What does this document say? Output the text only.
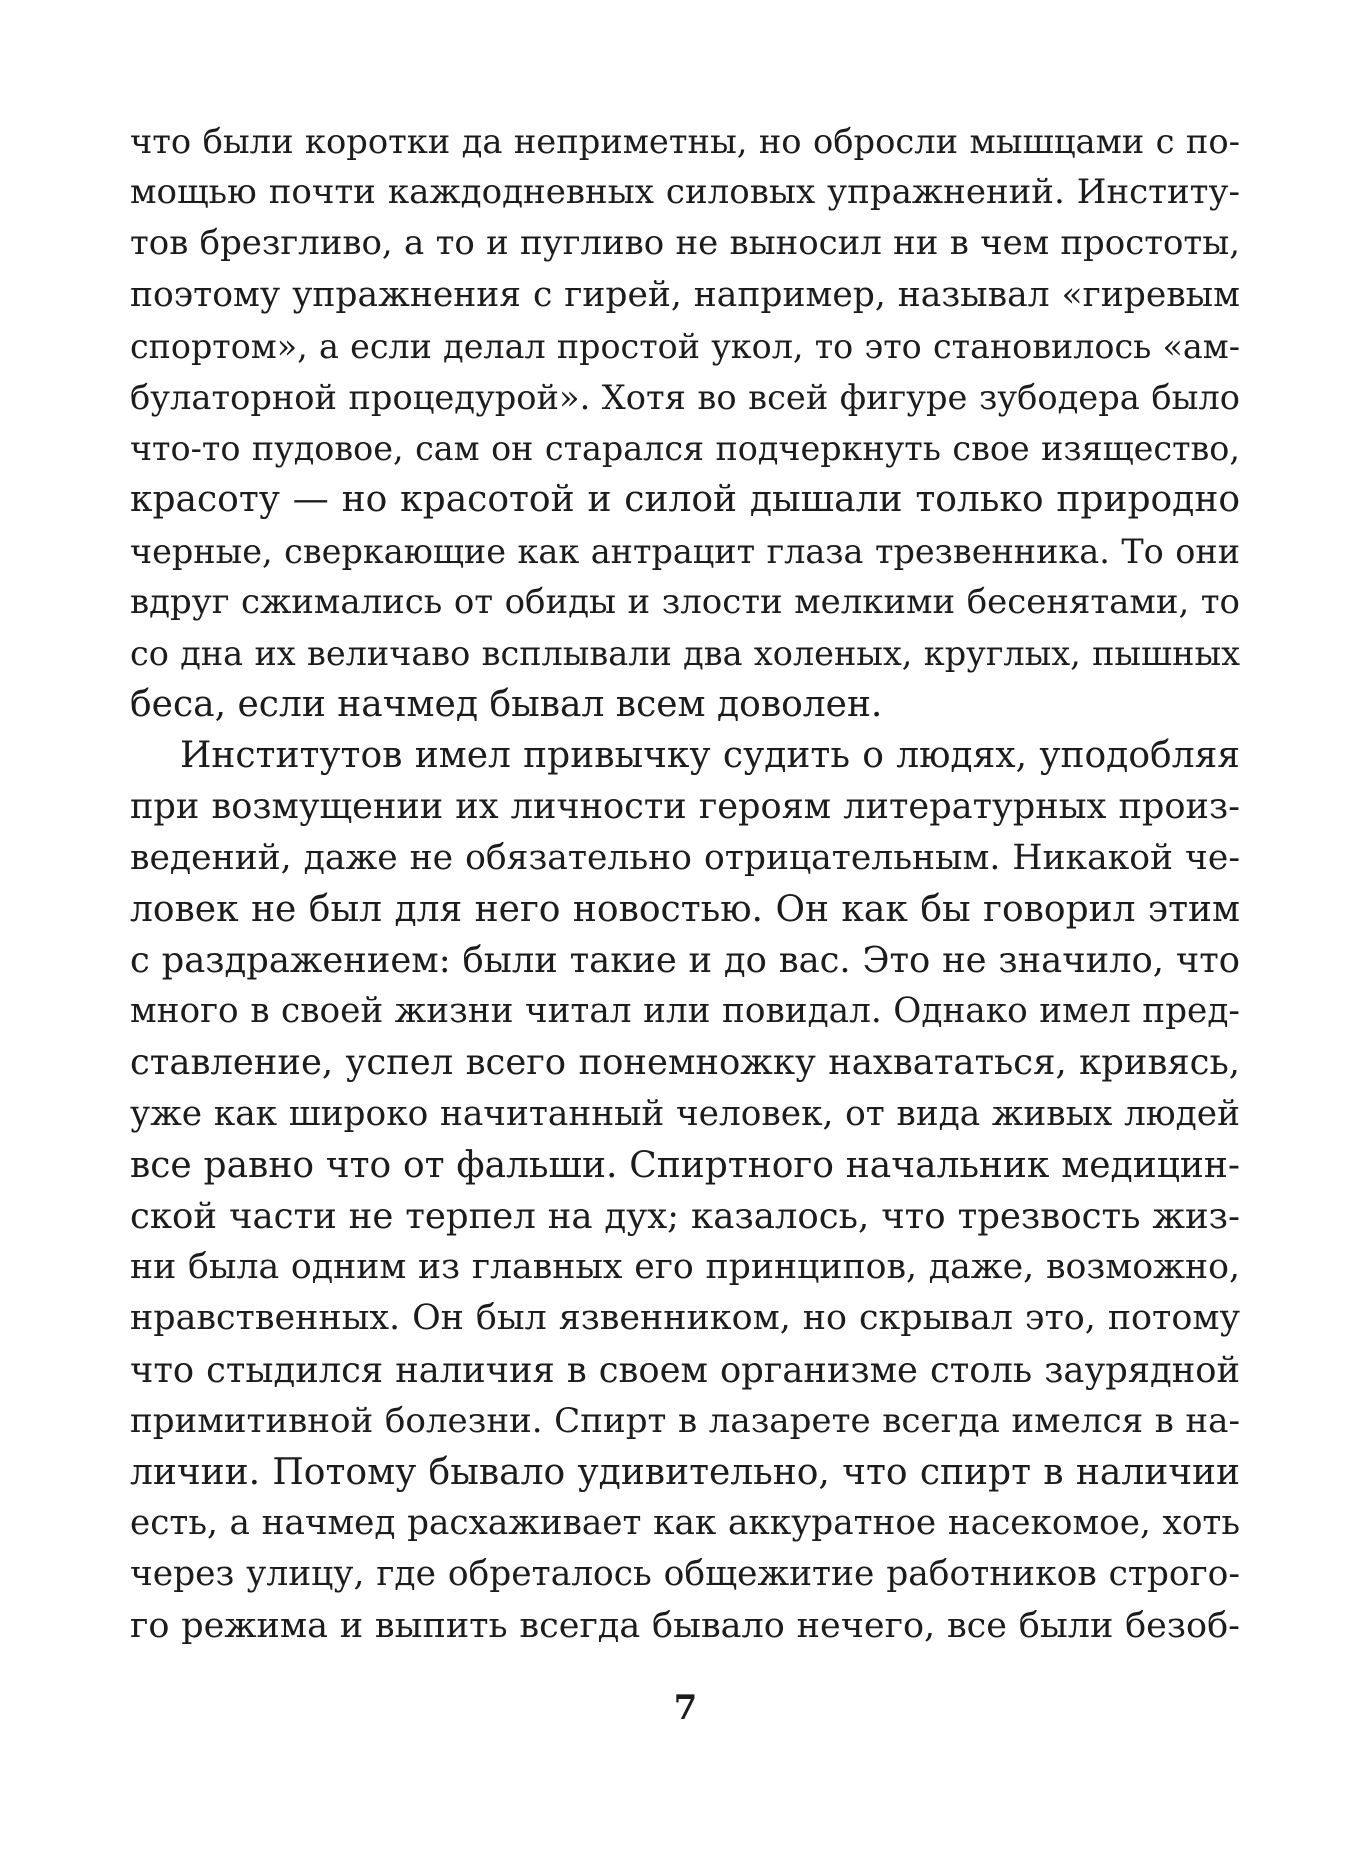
что были коротки да неприметны, но обросли мышцами с по-
мощью почти каждодневных силовых упражнений. Институ-
тов брезгливо, а то и пугливо не выносил ни в чем простоты,
поэтому упражнения с гирей, например, называл «гиревым
спортом», а если делал простой укол, то это становилось «ам-
булаторной процедурой». Хотя во всей фигуре зубодера было
что-то пудовое, сам он старался подчеркнуть свое изящество,
красоту — но красотой и силой дышали только природно
черные, сверкающие как антрацит глаза трезвенника. То они
вдруг сжимались от обиды и злости мелкими бесенятами, то
со дна их величаво всплывали два холеных, круглых, пышных
беса, если начмед бывал всем доволен.
Институтов имел привычку судить о людях, уподобляя
при возмущении их личности героям литературных произ-
ведений, даже не обязательно отрицательным. Никакой че-
ловек не был для него новостью. Он как бы говорил этим
с раздражением: были такие и до вас. Это не значило, что
много в своей жизни читал или повидал. Однако имел пред-
ставление, успел всего понемножку нахвататься, кривясь,
уже как широко начитанный человек, от вида живых людей
все равно что от фальши. Спиртного начальник медицин-
ской части не терпел на дух; казалось, что трезвость жиз-
ни была одним из главных его принципов, даже, возможно,
нравственных. Он был язвенником, но скрывал это, потому
что стыдился наличия в своем организме столь заурядной
примитивной болезни. Спирт в лазарете всегда имелся в на-
личии. Потому бывало удивительно, что спирт в наличии
есть, а начмед расхаживает как аккуратное насекомое, хоть
через улицу, где обреталось общежитие работников строго-
го режима и выпить всегда бывало нечего, все были безоб-
7
